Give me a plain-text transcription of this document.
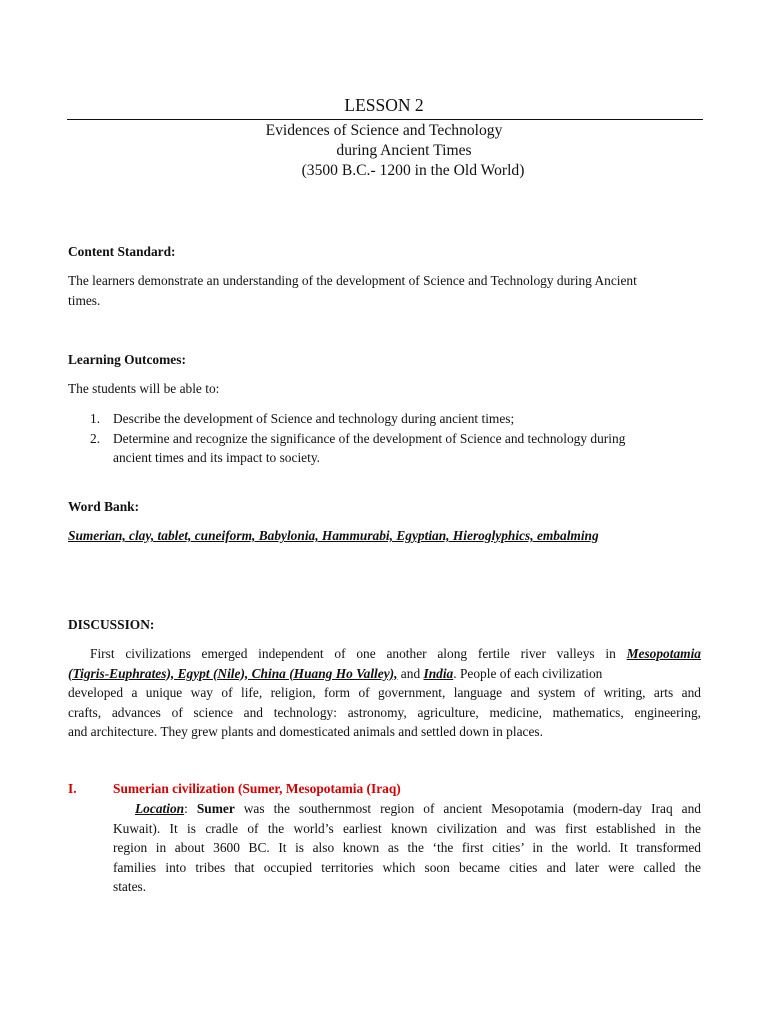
LESSON 2
Evidences of Science and Technology
during Ancient Times
(3500 B.C.- 1200 in the Old World)
Content Standard:
The learners demonstrate an understanding of the development of Science and Technology during Ancient
times.
Learning Outcomes:
The students will be able to:
1. Describe the development of Science and technology during ancient times;
2. Determine and recognize the significance of the development of Science and technology during
ancient times and its impact to society.
Word Bank:
Sumerian, clay, tablet, cuneiform, Babylonia, Hammurabi, Egyptian, Hieroglyphics, embalming
DISCUSSION:
First civilizations emerged independent of one another along fertile river valleys in Mesopotamia
(Tigris-Euphrates), Egypt (Nile), China (Huang Ho Valley), and India. People of each civilization
developed a unique way of life, religion, form of government, language and system of writing, arts and
crafts, advances of science and technology: astronomy, agriculture, medicine, mathematics, engineering,
and architecture. They grew plants and domesticated animals and settled down in places.
I.	Sumerian civilization (Sumer, Mesopotamia (Iraq)
Location: Sumer was the southernmost region of ancient Mesopotamia (modern-day Iraq and
Kuwait). It is cradle of the world’s earliest known civilization and was first established in the
region in about 3600 BC. It is also known as the ‘the first cities’ in the world. It transformed
families into tribes that occupied territories which soon became cities and later were called the
states.
